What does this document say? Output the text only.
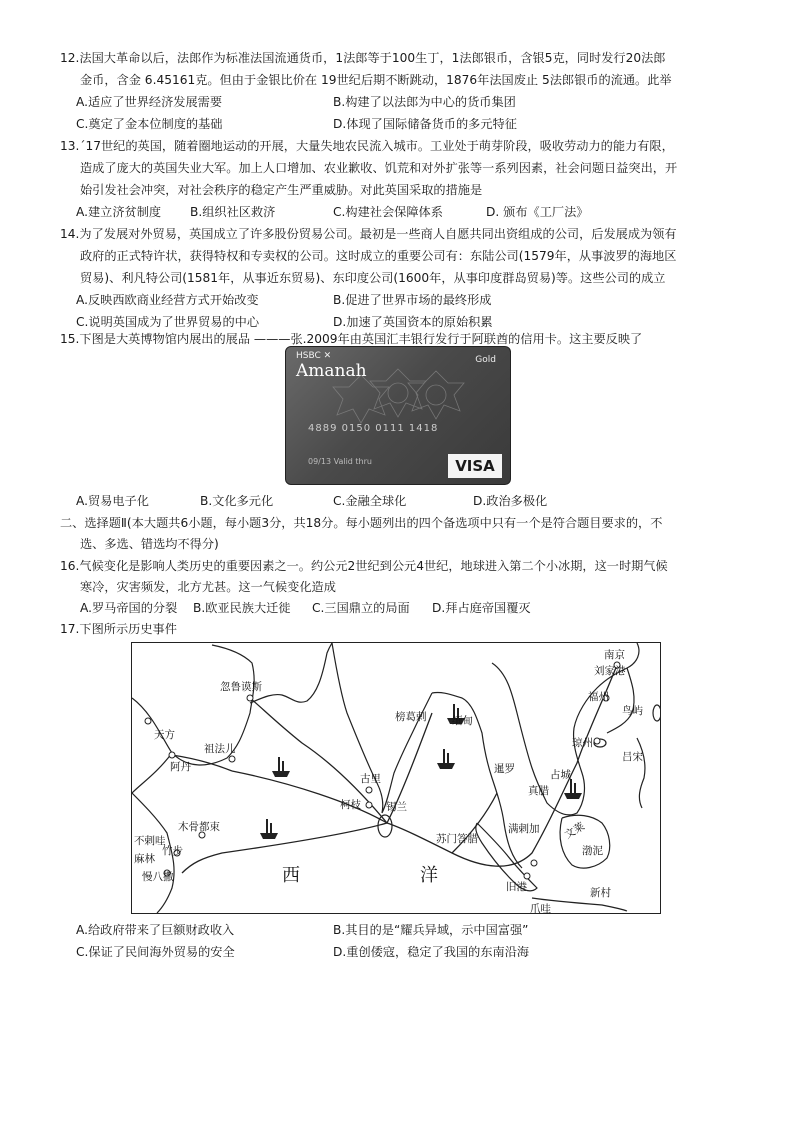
12.法国大革命以后，法郎作为标准法国流通货币，1法郎等于100生丁，1法郎银币，含银5克，同时发行20法郎
金币，含金 6.45161克。但由于金银比价在 19世纪后期不断跳动，1876年法国废止 5法郎银币的流通。此举
A.适应了世界经济发展需要	B.构建了以法郎为中心的货币集团
C.奠定了金本位制度的基础	D.体现了国际储备货币的多元特征
13.´17世纪的英国，随着圈地运动的开展，大量失地农民流入城市。工业处于萌芽阶段，吸收劳动力的能力有限，
造成了庞大的英国失业大军。加上人口增加、农业歉收、饥荒和对外扩张等一系列因素，社会问题日益突出，开
始引发社会冲突，对社会秩序的稳定产生严重威胁。对此英国采取的措施是
A.建立济贫制度 B.组织社区救济	C.构建社会保障体系	D. 颁布《工厂法》
14.为了发展对外贸易，英国成立了许多股份贸易公司。最初是一些商人自愿共同出资组成的公司，后发展成为领有
政府的正式特许状，获得特权和专卖权的公司。这时成立的重要公司有：东陆公司(1579年，从事波罗的海地区
贸易)、利凡特公司(1581年，从事近东贸易)、东印度公司(1600年，从事印度群岛贸易)等。这些公司的成立
A.反映西欧商业经营方式开始改变	B.促进了世界市场的最终形成
C.说明英国成为了世界贸易的中心	D.加速了英国资本的原始积累
15.下图是大英博物馆内展出的展品 ———张.2009年由英国汇丰银行发行于阿联酋的信用卡。这主要反映了
HSBC ✕
Amanah
Gold
4889 0150 0111 1418
09/13 Valid thru	VISA
A.贸易电子化	B.文化多元化	C.金融全球化	D.政治多极化
二、选择题Ⅱ(本大题共6小题，每小题3分，共18分。每小题列出的四个备选项中只有一个是符合题目要求的，不
选、多选、错选均不得分)
16.气候变化是影响人类历史的重要因素之一。约公元2世纪到公元4世纪，地球进入第二个小冰期，这一时期气候
寒冷，灾害频发，北方尤甚。这一气候变化造成
A.罗马帝国的分裂 B.欧亚民族大迁徙 C.三国鼎立的局面 D.拜占庭帝国覆灭
17.下图所示历史事件
南京
刘家港
福州
鸟屿
琼州
吕宋
忽鲁谟斯
天方
祖法儿
阿丹
榜葛剌 缅甸
暹罗	占城
真腊
古里
柯枝 锡兰
木骨都束
不剌哇
麻林
竹步
慢八撒
苏门答腊
满剌加
旧港
文莱
渤泥
新村
爪哇
西	洋
A.给政府带来了巨额财政收入	B.其目的是“耀兵异域，示中国富强”
C.保证了民间海外贸易的安全	D.重创倭寇，稳定了我国的东南沿海
